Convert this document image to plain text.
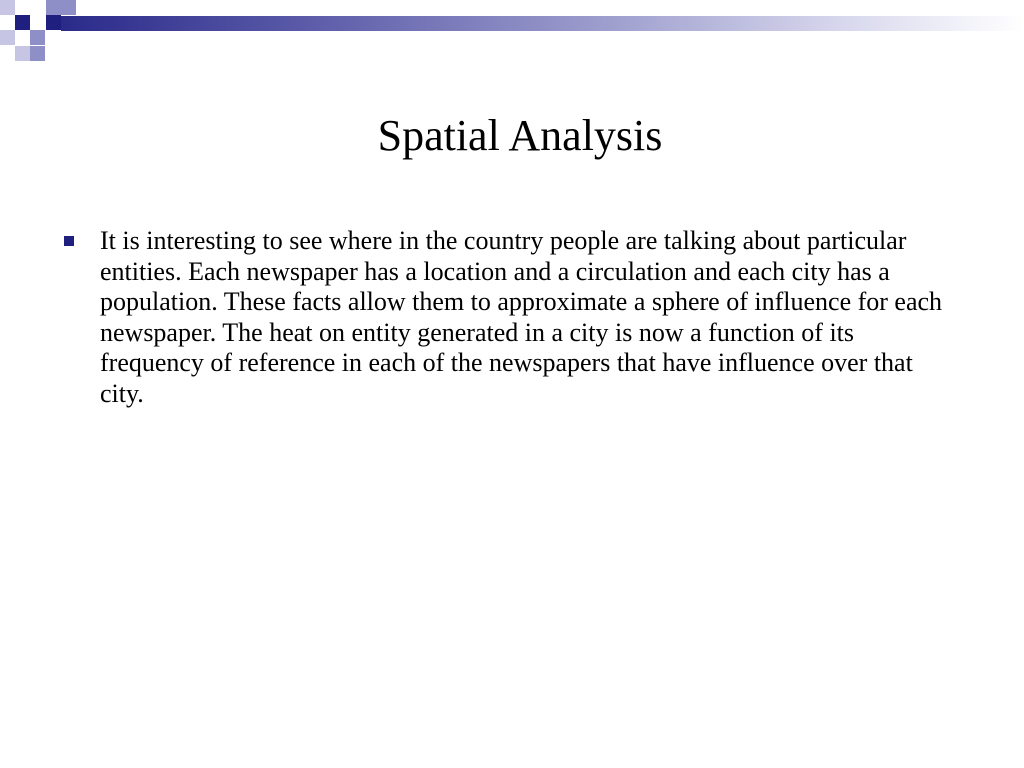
Spatial Analysis
It is interesting to see where in the country people are talking about particular entities. Each newspaper has a location and a circulation and each city has a population. These facts allow them to approximate a sphere of influence for each newspaper. The heat on entity generated in a city is now a function of its frequency of reference in each of the newspapers that have influence over that city.
